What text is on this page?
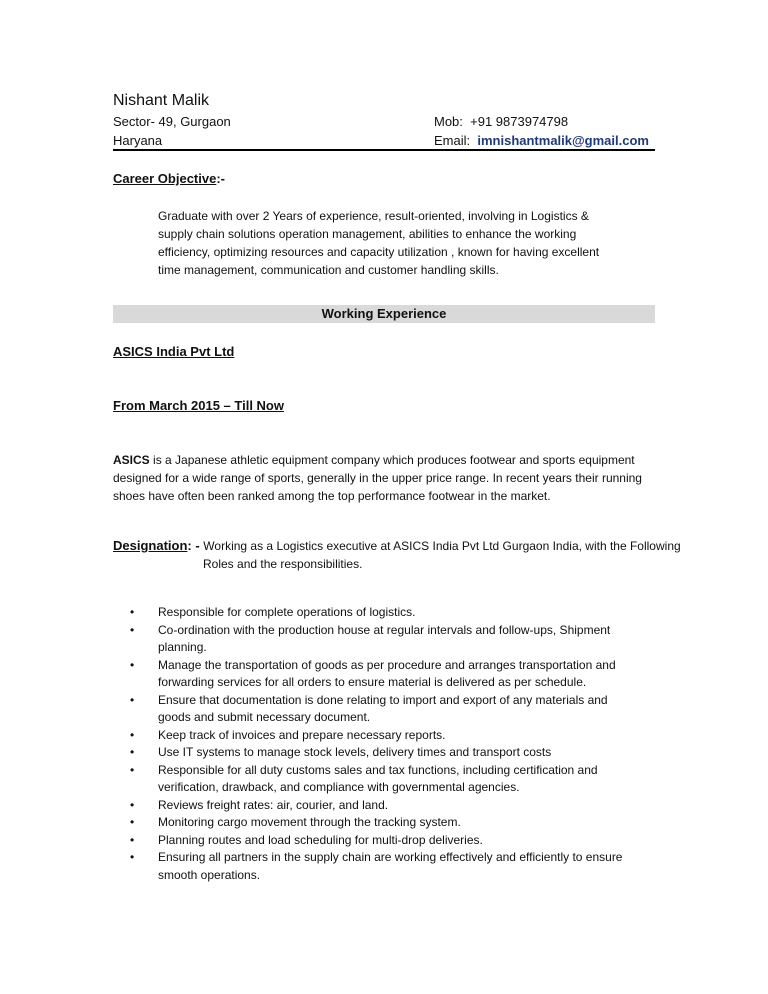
Nishant Malik
Sector- 49, Gurgaon
Haryana
Mob: +91 9873974798
Email: imnishantmalik@gmail.com
Career Objective:-
Graduate with over 2 Years of experience, result-oriented, involving in Logistics &
supply chain solutions operation management, abilities to enhance the working
efficiency, optimizing resources and capacity utilization , known for having excellent
time management, communication and customer handling skills.
Working Experience
ASICS India Pvt Ltd
From March 2015 – Till Now
ASICS is a Japanese athletic equipment company which produces footwear and sports equipment
designed for a wide range of sports, generally in the upper price range. In recent years their running
shoes have often been ranked among the top performance footwear in the market.
Designation: - Working as a Logistics executive at ASICS India Pvt Ltd Gurgaon India, with the Following
Roles and the responsibilities.
• Responsible for complete operations of logistics.
• Co-ordination with the production house at regular intervals and follow-ups, Shipment
planning.
• Manage the transportation of goods as per procedure and arranges transportation and
forwarding services for all orders to ensure material is delivered as per schedule.
• Ensure that documentation is done relating to import and export of any materials and
goods and submit necessary document.
• Keep track of invoices and prepare necessary reports.
• Use IT systems to manage stock levels, delivery times and transport costs
• Responsible for all duty customs sales and tax functions, including certification and
verification, drawback, and compliance with governmental agencies.
• Reviews freight rates: air, courier, and land.
• Monitoring cargo movement through the tracking system.
• Planning routes and load scheduling for multi-drop deliveries.
• Ensuring all partners in the supply chain are working effectively and efficiently to ensure
smooth operations.
